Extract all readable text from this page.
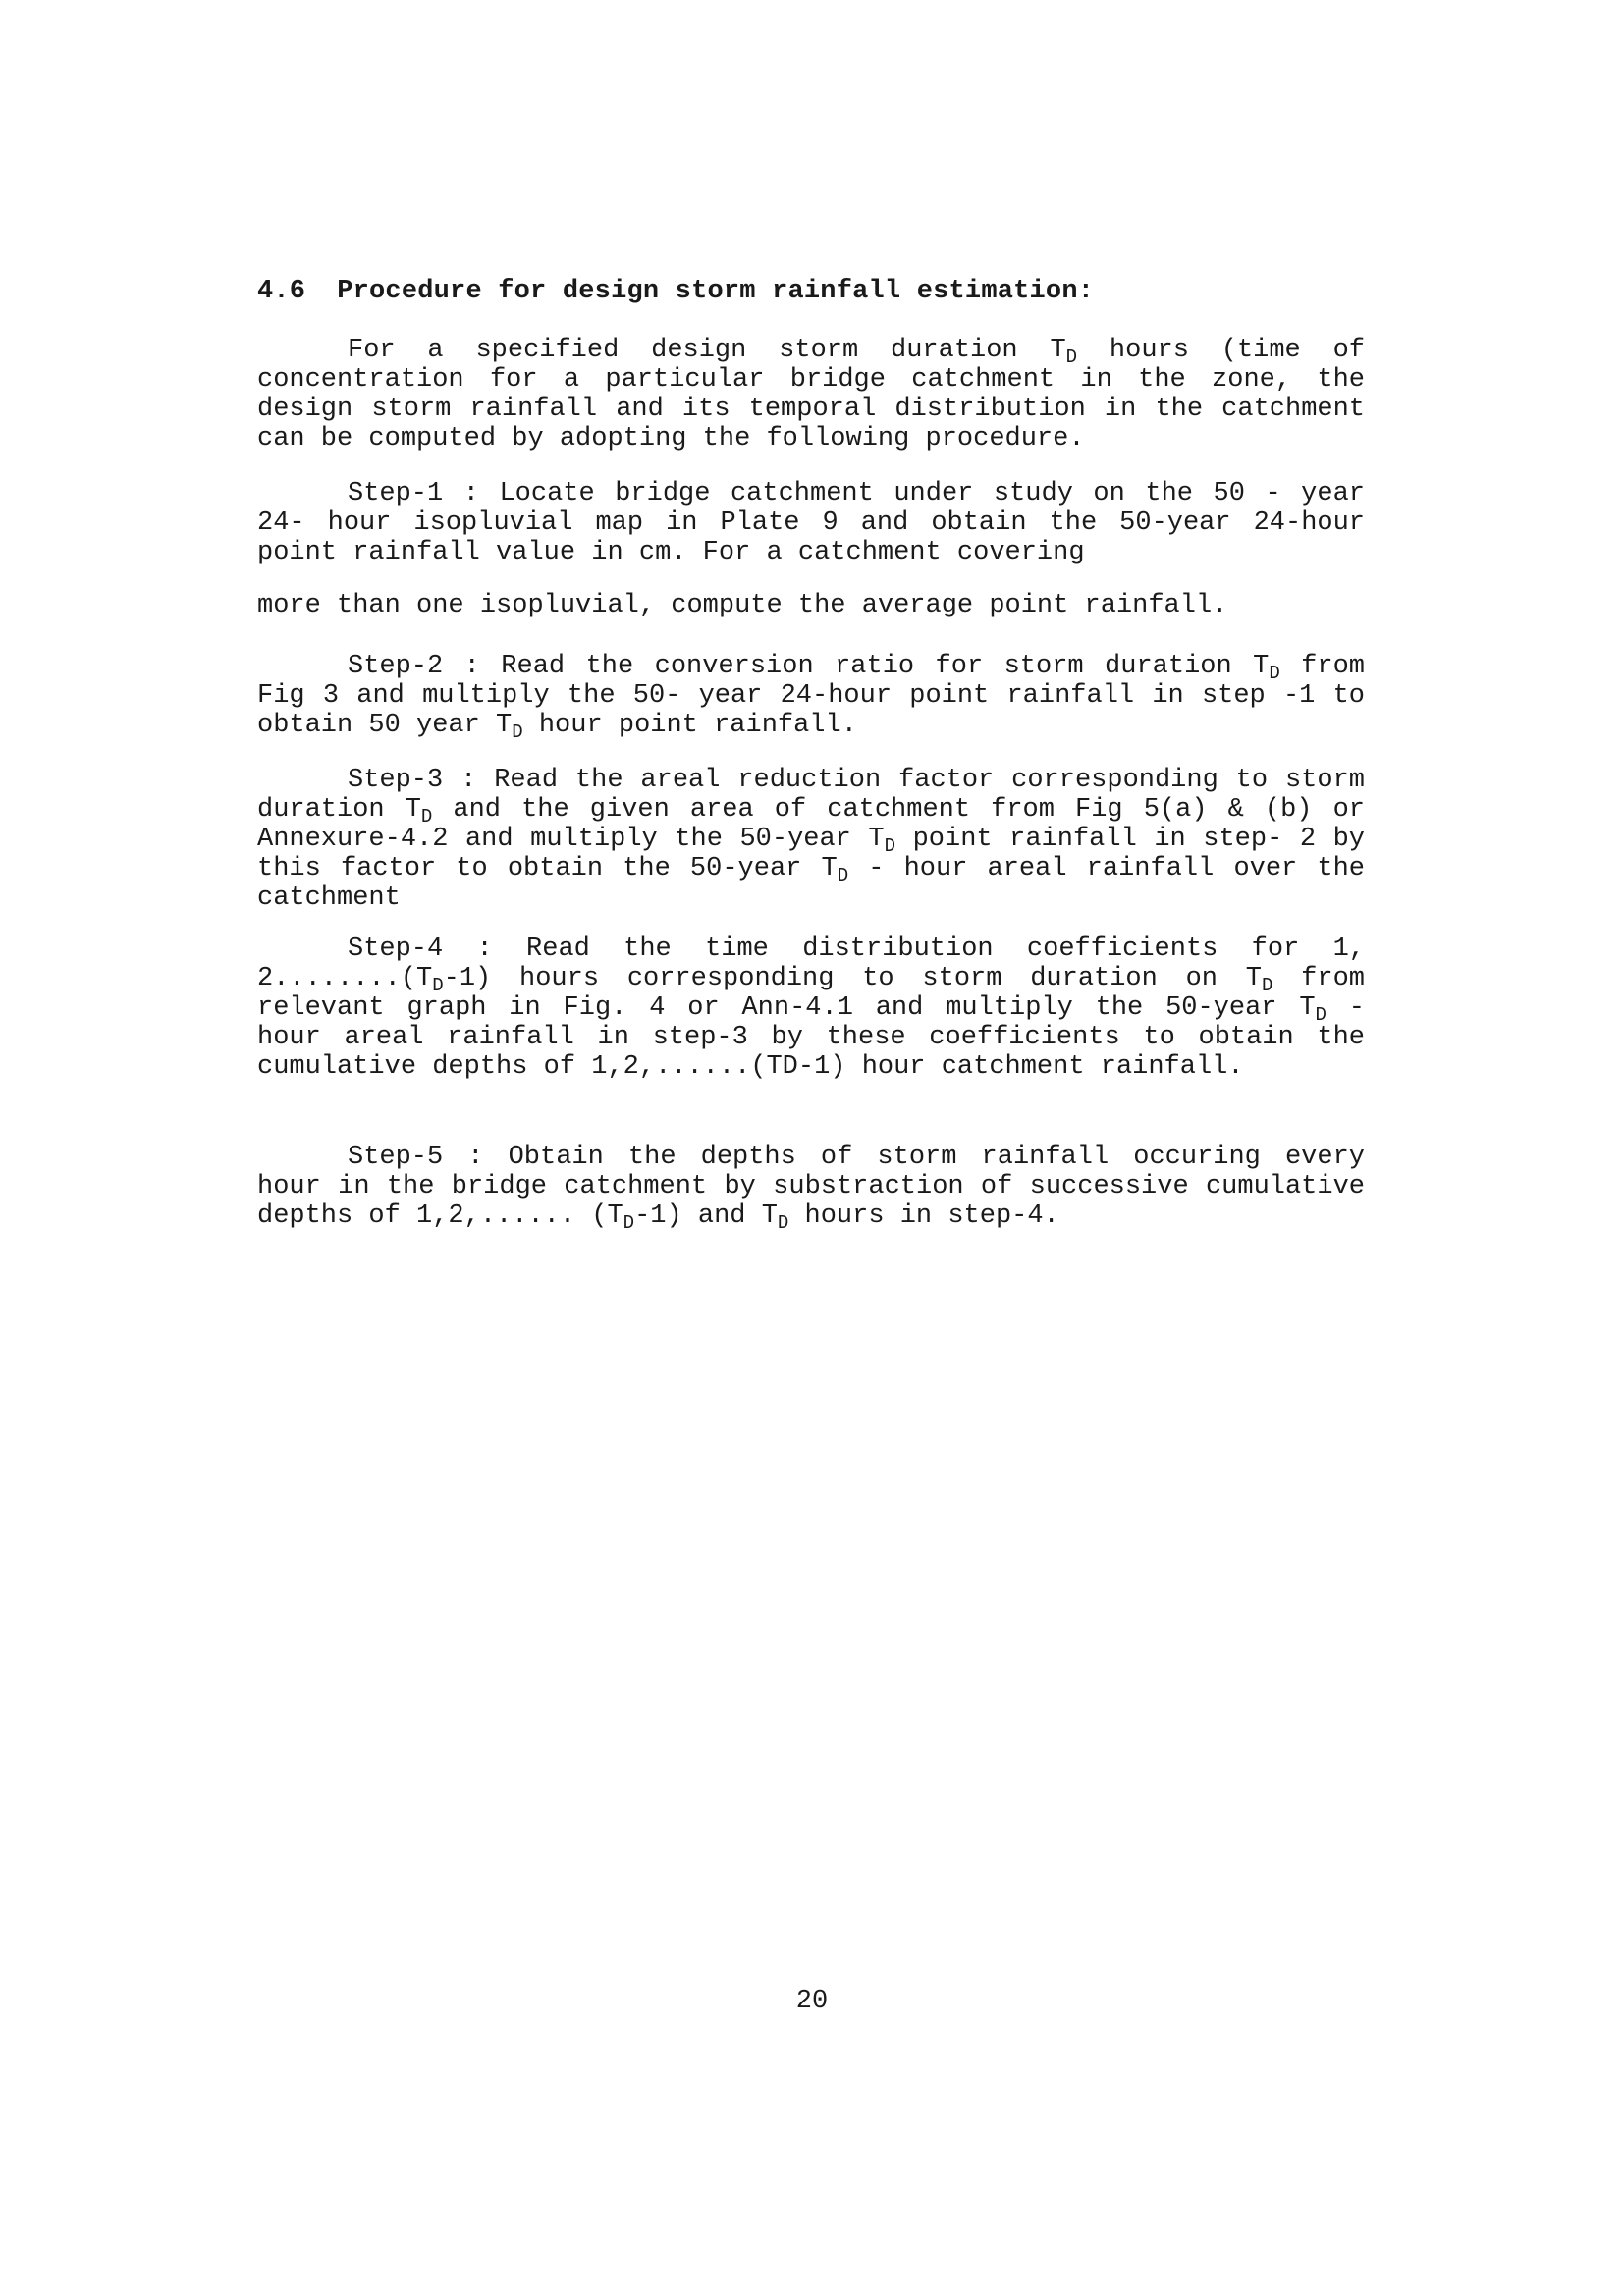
4.6 Procedure for design storm rainfall estimation:

For a specified design storm duration $T_D$ hours (time of concentration for a particular bridge catchment in the zone, the design storm rainfall and its temporal distribution in the catchment can be computed by adopting the following procedure.

Step-1 : Locate bridge catchment under study on the 50 - year 24- hour isopluvial map in Plate 9 and obtain the 50-year 24-hour point rainfall value in cm. For a catchment covering

more than one isopluvial, compute the average point rainfall.

Step-2 : Read the conversion ratio for storm duration $T_D$ from Fig 3 and multiply the 50- year 24-hour point rainfall in step -1 to obtain 50 year $T_D$ hour point rainfall.

Step-3 : Read the areal reduction factor corresponding to storm duration $T_D$ and the given area of catchment from Fig 5(a) & (b) or Annexure-4.2 and multiply the 50-year $T_D$ point rainfall in step- 2 by this factor to obtain the 50-year $T_D$ - hour areal rainfall over the catchment

Step-4 : Read the time distribution coefficients for 1, $2........(T_D-1)$ hours corresponding to storm duration on $T_D$ from relevant graph in Fig. 4 or Ann-4.1 and multiply the 50-year $T_D$ - hour areal rainfall in step-3 by these coefficients to obtain the cumulative depths of 1,2,......(TD-1) hour catchment rainfall.

Step-5 : Obtain the depths of storm rainfall occuring every hour in the bridge catchment by substraction of successive cumulative depths of 1,2,...... $(T_D-1)$ and $T_D$ hours in step-4.

20
